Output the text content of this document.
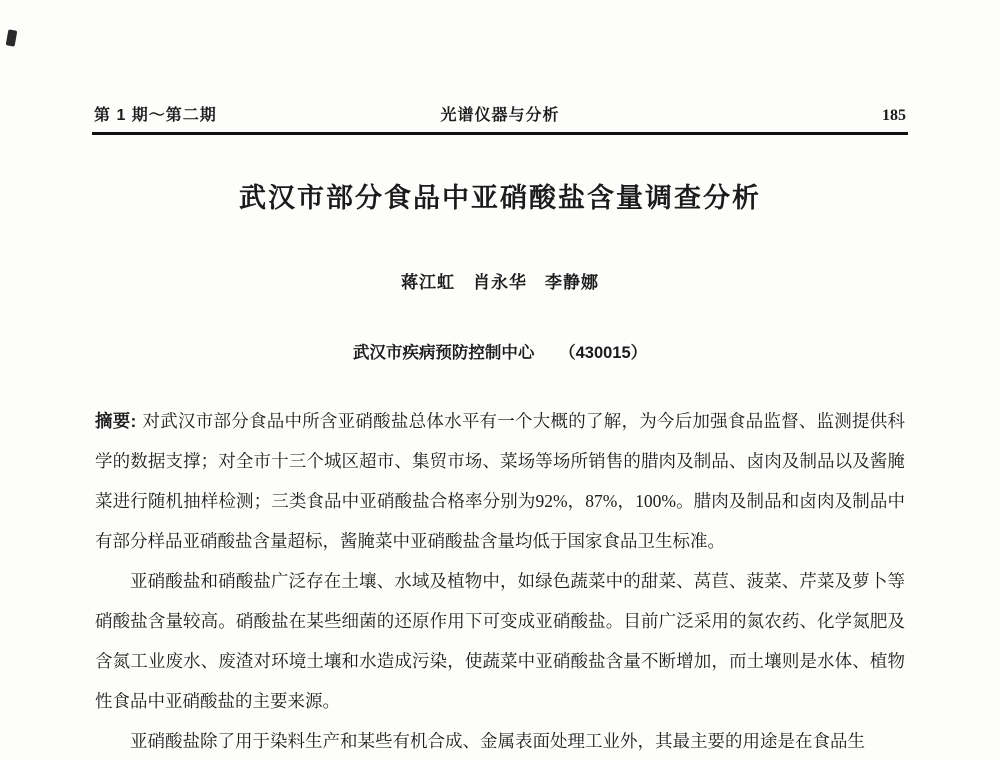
第 1 期～第二期	光谱仪器与分析	185
武汉市部分食品中亚硝酸盐含量调查分析
蒋江虹　肖永华　李静娜
武汉市疾病预防控制中心　　（430015）

摘要: 对武汉市部分食品中所含亚硝酸盐总体水平有一个大概的了解，为今后加强食品监督、监测提供科学的数据支撑；对全市十三个城区超市、集贸市场、菜场等场所销售的腊肉及制品、卤肉及制品以及酱腌菜进行随机抽样检测；三类食品中亚硝酸盐合格率分别为92%，87%，100%。腊肉及制品和卤肉及制品中有部分样品亚硝酸盐含量超标，酱腌菜中亚硝酸盐含量均低于国家食品卫生标准。

亚硝酸盐和硝酸盐广泛存在土壤、水域及植物中，如绿色蔬菜中的甜菜、莴苣、菠菜、芹菜及萝卜等硝酸盐含量较高。硝酸盐在某些细菌的还原作用下可变成亚硝酸盐。目前广泛采用的氮农药、化学氮肥及含氮工业废水、废渣对环境土壤和水造成污染，使蔬菜中亚硝酸盐含量不断增加，而土壤则是水体、植物性食品中亚硝酸盐的主要来源。

亚硝酸盐除了用于染料生产和某些有机合成、金属表面处理工业外，其最主要的用途是在食品生
